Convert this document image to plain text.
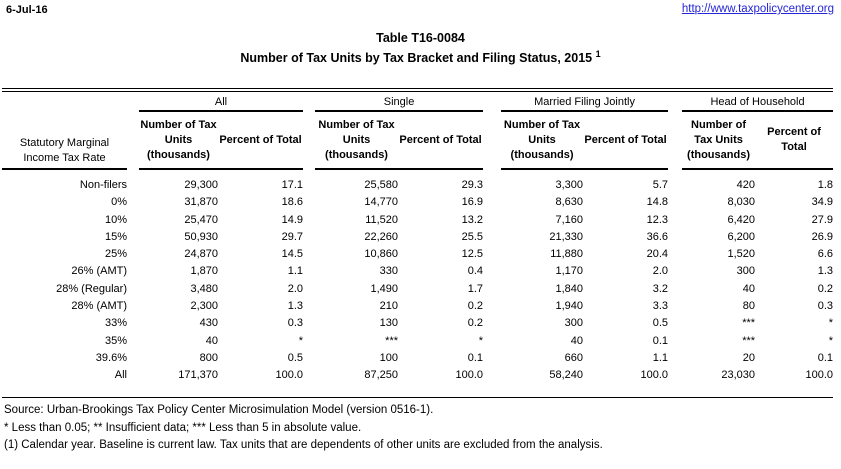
6-Jul-16	http://www.taxpolicycenter.org
Table T16-0084
Number of Tax Units by Tax Bracket and Filing Status, 2015 $^1$
Statutory Marginal Income Tax Rate		All			Single			Married Filing Jointly			Head of Household	
		Number of Tax Units (thousands)	Percent of Total		Number of Tax Units (thousands)	Percent of Total		Number of Tax Units (thousands)	Percent of Total		Number of Tax Units (thousands)	Percent of Total
Non-filers		29,300	17.1		25,580	29.3		3,300	5.7		420	1.8
0%		31,870	18.6		14,770	16.9		8,630	14.8		8,030	34.9
10%		25,470	14.9		11,520	13.2		7,160	12.3		6,420	27.9
15%		50,930	29.7		22,260	25.5		21,330	36.6		6,200	26.9
25%		24,870	14.5		10,860	12.5		11,880	20.4		1,520	6.6
26% (AMT)		1,870	1.1		330	0.4		1,170	2.0		300	1.3
28% (Regular)		3,480	2.0		1,490	1.7		1,840	3.2		40	0.2
28% (AMT)		2,300	1.3		210	0.2		1,940	3.3		80	0.3
33%		430	0.3		130	0.2		300	0.5		***	*
35%		40	*		***	*		40	0.1		***	*
39.6%		800	0.5		100	0.1		660	1.1		20	0.1
All		171,370	100.0		87,250	100.0		58,240	100.0		23,030	100.0
Source: Urban-Brookings Tax Policy Center Microsimulation Model (version 0516-1).
* Less than 0.05; ** Insufficient data; *** Less than 5 in absolute value.
(1) Calendar year. Baseline is current law. Tax units that are dependents of other units are excluded from the analysis.
